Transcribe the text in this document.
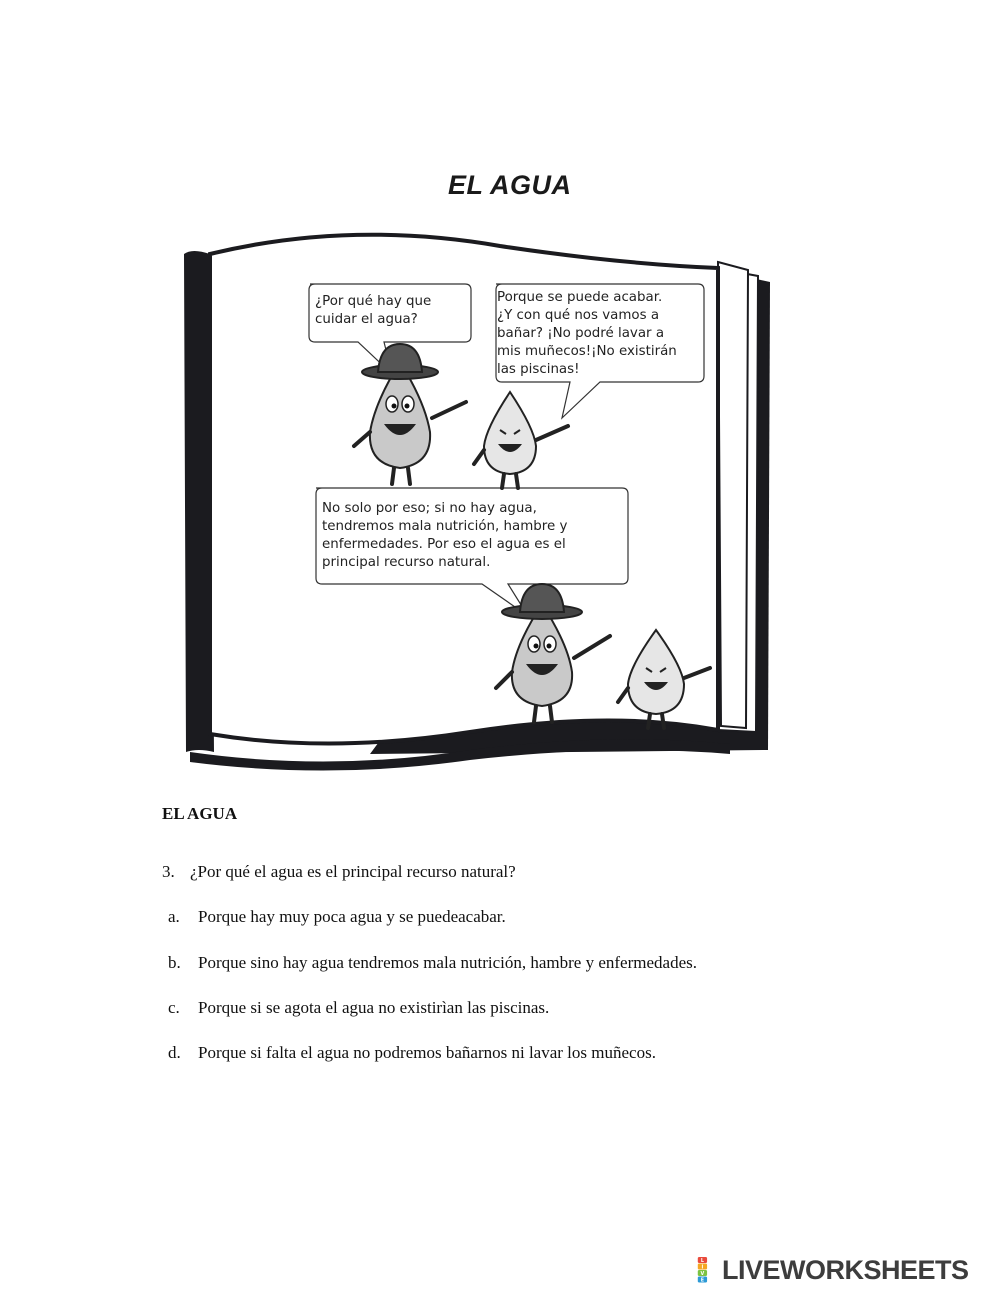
EL AGUA
¿Por qué hay que
cuidar el agua?
Porque se puede acabar.
¿Y con qué nos vamos a
bañar? ¡No podré lavar a
mis muñecos!¡No existirán
las piscinas!
No solo por eso; si no hay agua,
tendremos mala nutrición, hambre y
enfermedades. Por eso el agua es el
principal recurso natural.
EL AGUA
3. ¿Por qué el agua es el principal recurso natural?
a. Porque hay muy poca agua y se puedeacabar.
b. Porque sino hay agua tendremos mala nutrición, hambre y enfermedades.
c. Porque si se agota el agua no existirìan las piscinas.
d. Porque si falta el agua no podremos bañarnos ni lavar los muñecos.
L
I
V
E LIVEWORKSHEETS
